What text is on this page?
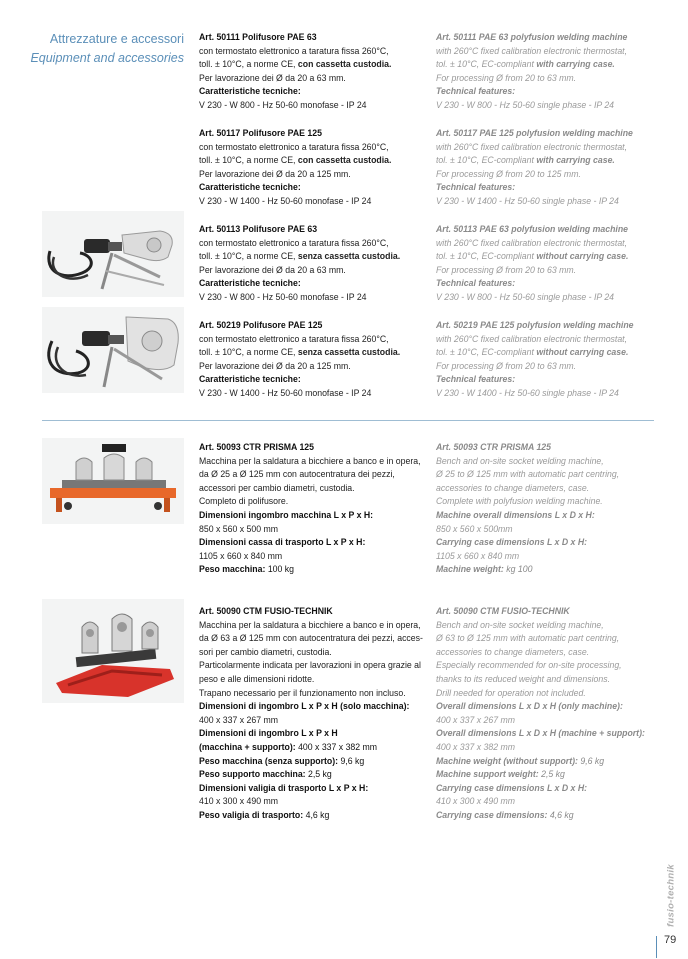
Attrezzature e accessori
Equipment and accessories
Art. 50111 Polifusore PAE 63
con termostato elettronico a taratura fissa 260°C,
toll. ± 10°C, a norme CE, con cassetta custodia.
Per lavorazione dei Ø da 20 a 63 mm.
Caratteristiche tecniche:
V 230 - W 800 - Hz 50-60 monofase - IP 24
Art. 50111 PAE 63 polyfusion welding machine
with 260°C fixed calibration electronic thermostat,
tol. ± 10°C, EC-compliant with carrying case.
For processing Ø from 20 to 63 mm.
Technical features:
V 230 - W 800 - Hz 50-60 single phase - IP 24
Art. 50117 Polifusore PAE 125
con termostato elettronico a taratura fissa 260°C,
toll. ± 10°C, a norme CE, con cassetta custodia.
Per lavorazione dei Ø da 20 a 125 mm.
Caratteristiche tecniche:
V 230 - W 1400 - Hz 50-60 monofase - IP 24
Art. 50117 PAE 125 polyfusion welding machine
with 260°C fixed calibration electronic thermostat,
tol. ± 10°C, EC-compliant with carrying case.
For processing Ø from 20 to 125 mm.
Technical features:
V 230 - W 1400 - Hz 50-60 single phase - IP 24
Art. 50113 Polifusore PAE 63
con termostato elettronico a taratura fissa 260°C,
toll. ± 10°C, a norme CE, senza cassetta custodia.
Per lavorazione dei Ø da 20 a 63 mm.
Caratteristiche tecniche:
V 230 - W 800 - Hz 50-60 monofase - IP 24
Art. 50113 PAE 63 polyfusion welding machine
with 260°C fixed calibration electronic thermostat,
tol. ± 10°C, EC-compliant without carrying case.
For processing Ø from 20 to 63 mm.
Technical features:
V 230 - W 800 - Hz 50-60 single phase - IP 24
Art. 50219 Polifusore PAE 125
con termostato elettronico a taratura fissa 260°C,
toll. ± 10°C, a norme CE, senza cassetta custodia.
Per lavorazione dei Ø da 20 a 125 mm.
Caratteristiche tecniche:
V 230 - W 1400 - Hz 50-60 monofase - IP 24
Art. 50219 PAE 125 polyfusion welding machine
with 260°C fixed calibration electronic thermostat,
tol. ± 10°C, EC-compliant without carrying case.
For processing Ø from 20 to 63 mm.
Technical features:
V 230 - W 1400 - Hz 50-60 single phase - IP 24
Art. 50093 CTR PRISMA 125
Macchina per la saldatura a bicchiere a banco e in opera,
da Ø 25 a Ø 125 mm con autocentratura dei pezzi,
accessori per cambio diametri, custodia.
Completo di polifusore.
Dimensioni ingombro macchina L x P x H:
850 x 560 x 500 mm
Dimensioni cassa di trasporto L x P x H:
1105 x 660 x 840 mm
Peso macchina: 100 kg
Art. 50093 CTR PRISMA 125
Bench and on-site socket welding machine,
Ø 25 to Ø 125 mm with automatic part centring,
accessories to change diameters, case.
Complete with polyfusion welding machine.
Machine overall dimensions L x D x H:
850 x 560 x 500mm
Carrying case dimensions L x D x H:
1105 x 660 x 840 mm
Machine weight: kg 100
Art. 50090 CTM FUSIO-TECHNIK
Macchina per la saldatura a bicchiere a banco e in opera,
da Ø 63 a Ø 125 mm con autocentratura dei pezzi, acces-
sori per cambio diametri, custodia.
Particolarmente indicata per lavorazioni in opera grazie al
peso e alle dimensioni ridotte.
Trapano necessario per il funzionamento non incluso.
Dimensioni di ingombro L x P x H (solo macchina):
400 x 337 x 267 mm
Dimensioni di ingombro L x P x H
(macchina + supporto): 400 x 337 x 382 mm
Peso macchina (senza supporto): 9,6 kg
Peso supporto macchina: 2,5 kg
Dimensioni valigia di trasporto L x P x H:
410 x 300 x 490 mm
Peso valigia di trasporto: 4,6 kg
Art. 50090 CTM FUSIO-TECHNIK
Bench and on-site socket welding machine,
Ø 63 to Ø 125 mm with automatic part centring,
accessories to change diameters, case.
Especially recommended for on-site processing,
thanks to its reduced weight and dimensions.
Drill needed for operation not included.
Overall dimensions L x D x H (only machine):
400 x 337 x 267 mm
Overall dimensions L x D x H (machine + support):
400 x 337 x 382 mm
Machine weight (without support): 9,6 kg
Machine support weight: 2,5 kg
Carrying case dimensions L x D x H:
410 x 300 x 490 mm
Carrying case dimensions: 4,6 kg
fusio-technik
79
